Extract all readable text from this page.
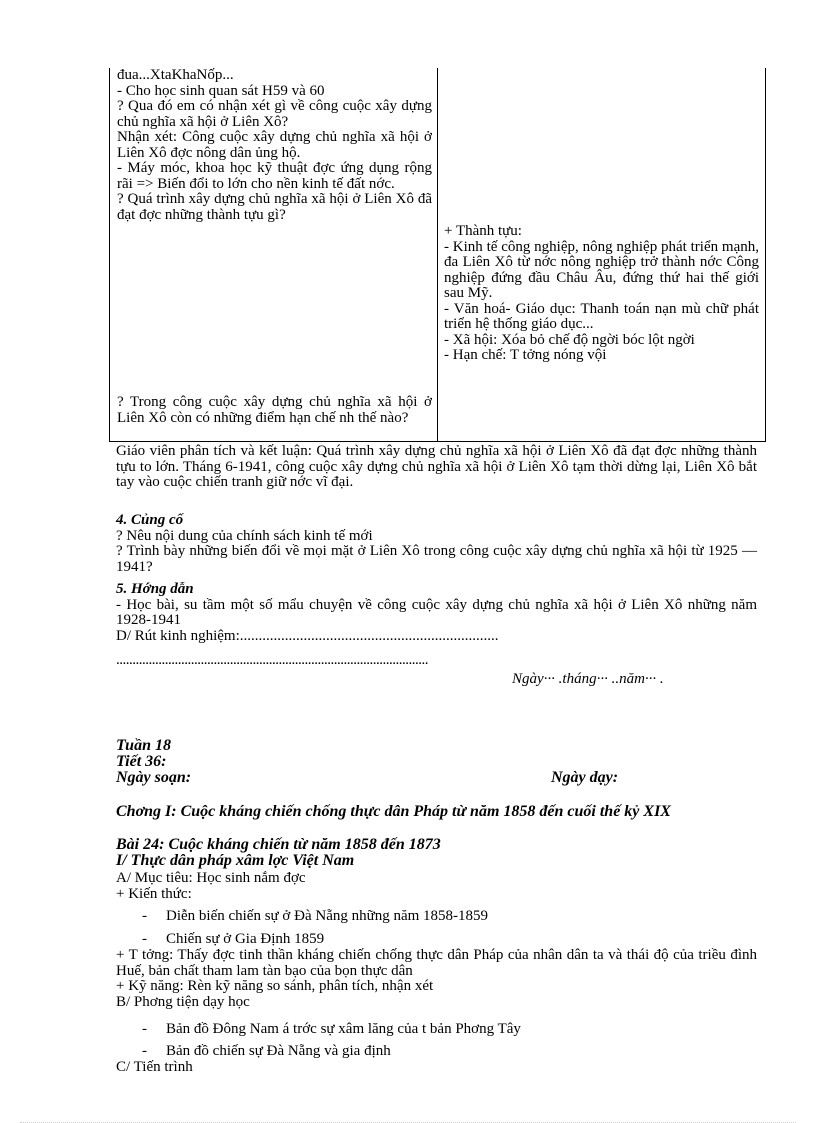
đua...XtaKhaNốp...

- Cho học sinh quan sát H59 và 60

? Qua đó em có nhận xét gì về công cuộc xây dựng chủ nghĩa xã hội ở Liên Xô?

Nhận xét: Công cuộc xây dựng chủ nghĩa xã hội ở Liên Xô đợc nông dân ủng hộ.

- Máy móc, khoa học kỹ thuật đợc ứng dụng rộng rãi => Biến đổi to lớn cho nền kinh tế đất nớc.

? Quá trình xây dựng chủ nghĩa xã hội ở Liên Xô đã đạt đợc những thành tựu gì?

? Trong công cuộc xây dựng chủ nghĩa xã hội ở Liên Xô còn có những điểm hạn chế nh thế nào?

+ Thành tựu:

- Kinh tế công nghiệp, nông nghiệp phát triển mạnh, đa Liên Xô từ nớc nông nghiệp trở thành nớc Công nghiệp đứng đầu Châu Âu, đứng thứ hai thế giới sau Mỹ.

- Văn hoá- Giáo dục: Thanh toán nạn mù chữ phát triển hệ thống giáo dục...

- Xã hội: Xóa bỏ chế độ ngời bóc lột ngời

- Hạn chế: T tởng nóng vội

Giáo viên phân tích và kết luận: Quá trình xây dựng chủ nghĩa xã hội ở Liên Xô đã đạt đợc những thành tựu to lớn. Tháng 6-1941, công cuộc xây dựng chủ nghĩa xã hội ở Liên Xô tạm thời dừng lại, Liên Xô bắt tay vào cuộc chiến tranh giữ nớc vĩ đại.

4. Củng cố

? Nêu nội dung của chính sách kinh tế mới

? Trình bày những biến đổi về mọi mặt ở Liên Xô trong công cuộc xây dựng chủ nghĩa xã hội từ 1925 —1941?

5. Hớng dẫn

- Học bài, su tầm một số mẩu chuyện về công cuộc xây dựng chủ nghĩa xã hội ở Liên Xô những năm 1928-1941

D/ Rút kinh nghiệm:.....................................................................

................................................................................................
Ngày··· .tháng··· ..năm··· .
Tuần 18
Tiết 36:
Ngày soạn:	Ngày dạy:
Chơng I: Cuộc kháng chiến chống thực dân Pháp từ năm 1858 đến cuối thế kỷ XIX
Bài 24: Cuộc kháng chiến từ năm 1858 đến 1873
I/ Thực dân pháp xâm lợc Việt Nam

A/ Mục tiêu: Học sinh nắm đợc

+ Kiến thức:

- Diễn biến chiến sự ở Đà Nẵng những năm 1858-1859
- Chiến sự ở Gia Định 1859

+ T tởng: Thấy đợc tinh thần kháng chiến chống thực dân Pháp của nhân dân ta và thái độ của triều đình Huế, bản chất tham lam tàn bạo của bọn thực dân

+ Kỹ năng: Rèn kỹ năng so sánh, phân tích, nhận xét

B/ Phơng tiện dạy học

- Bản đồ Đông Nam á trớc sự xâm lăng của t bản Phơng Tây
- Bản đồ chiến sự Đà Nẵng và gia định

C/ Tiến trình
